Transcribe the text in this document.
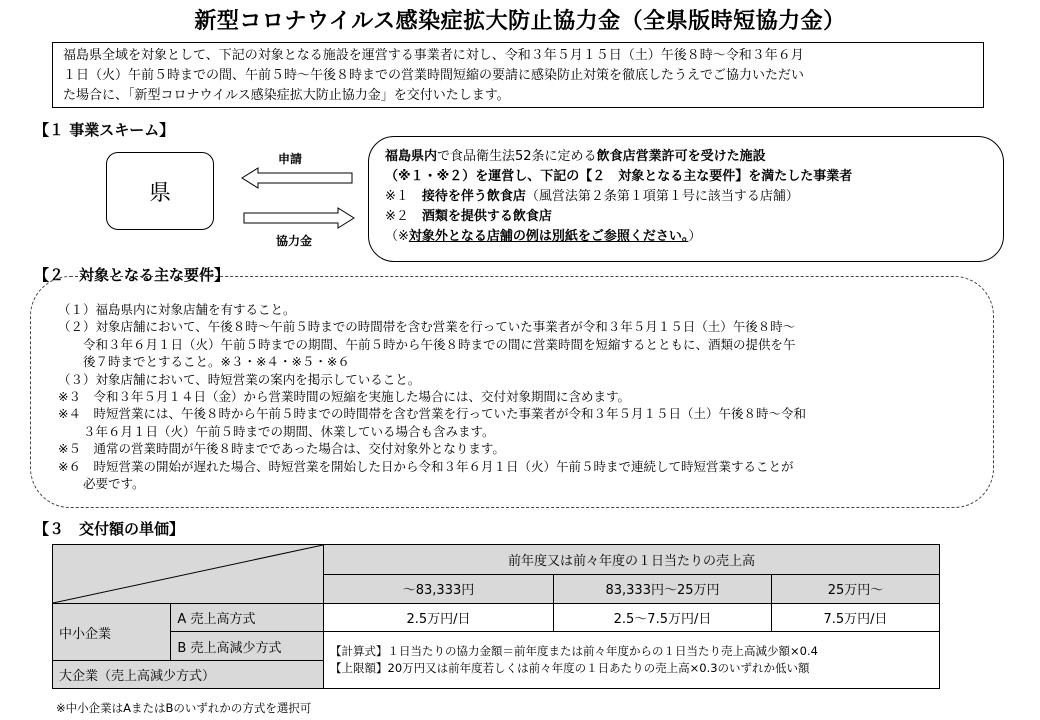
新型コロナウイルス感染症拡大防止協力金（全県版時短協力金）
福島県全域を対象として、下記の対象となる施設を運営する事業者に対し、令和３年５月１５日（土）午後８時～令和３年６月
１日（火）午前５時までの間、午前５時～午後８時までの営業時間短縮の要請に感染防止対策を徹底したうえでご協力いただい
た場合に、「新型コロナウイルス感染症拡大防止協力金」を交付いたします。
【１ 事業スキーム】
県
申請
協力金
福島県内で食品衛生法52条に定める飲食店営業許可を受けた施設
（※１・※２）を運営し、下記の【２　対象となる主な要件】を満たした事業者
※１　接待を伴う飲食店（風営法第２条第１項第１号に該当する店舗）
※２　酒類を提供する飲食店
（※対象外となる店舗の例は別紙をご参照ください。）
【２　対象となる主な要件】
（１）福島県内に対象店舗を有すること。
（２）対象店舗において、午後８時～午前５時までの時間帯を含む営業を行っていた事業者が令和３年５月１５日（土）午後８時～
　　令和３年６月１日（火）午前５時までの期間、午前５時から午後８時までの間に営業時間を短縮するとともに、酒類の提供を午
　　後７時までとすること。※３・※４・※５・※６
（３）対象店舗において、時短営業の案内を掲示していること。
※３　令和３年５月１４日（金）から営業時間の短縮を実施した場合には、交付対象期間に含めます。
※４　時短営業には、午後８時から午前５時までの時間帯を含む営業を行っていた事業者が令和３年５月１５日（土）午後８時～令和
　　３年６月１日（火）午前５時までの期間、休業している場合も含みます。
※５　通常の営業時間が午後８時までであった場合は、交付対象外となります。
※６　時短営業の開始が遅れた場合、時短営業を開始した日から令和３年６月１日（火）午前５時まで連続して時短営業することが
　　必要です。
【３　交付額の単価】
	前年度又は前々年度の１日当たりの売上高		
		～83,333円	83,333円～25万円	25万円～
中小企業	A 売上高方式	2.5万円/日	2.5～7.5万円/日	7.5万円/日
	B 売上高減少方式	【計算式】１日当たりの協力金額＝前年度または前々年度からの１日当たり売上高減少額×0.4
【上限額】20万円又は前年度若しくは前々年度の１日あたりの売上高×0.3のいずれか低い額		

大企業（売上高減少方式）				
※中小企業はAまたはBのいずれかの方式を選択可
